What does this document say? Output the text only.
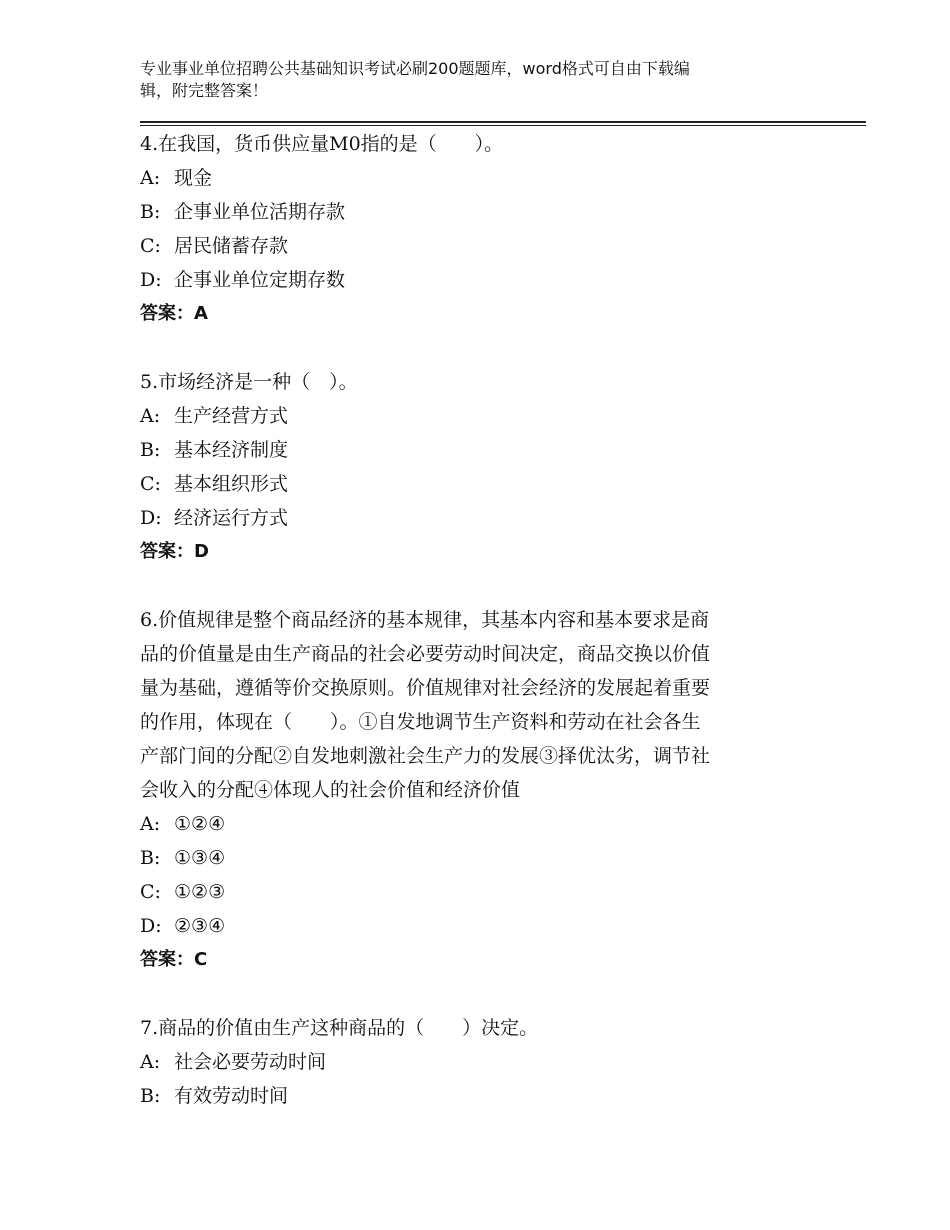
专业事业单位招聘公共基础知识考试必刷200题题库，word格式可自由下载编
辑，附完整答案！
4.在我国，货币供应量M0指的是（　　）。
A: 现金
B: 企事业单位活期存款
C: 居民储蓄存款
D: 企事业单位定期存数
答案：A
5.市场经济是一种（　）。
A: 生产经营方式
B: 基本经济制度
C: 基本组织形式
D: 经济运行方式
答案：D
6.价值规律是整个商品经济的基本规律，其基本内容和基本要求是商
品的价值量是由生产商品的社会必要劳动时间决定，商品交换以价值
量为基础，遵循等价交换原则。价值规律对社会经济的发展起着重要
的作用，体现在（　　）。①自发地调节生产资料和劳动在社会各生
产部门间的分配②自发地刺激社会生产力的发展③择优汰劣，调节社
会收入的分配④体现人的社会价值和经济价值
A: ①②④
B: ①③④
C: ①②③
D: ②③④
答案：C
7.商品的价值由生产这种商品的（　　）决定。
A: 社会必要劳动时间
B: 有效劳动时间
